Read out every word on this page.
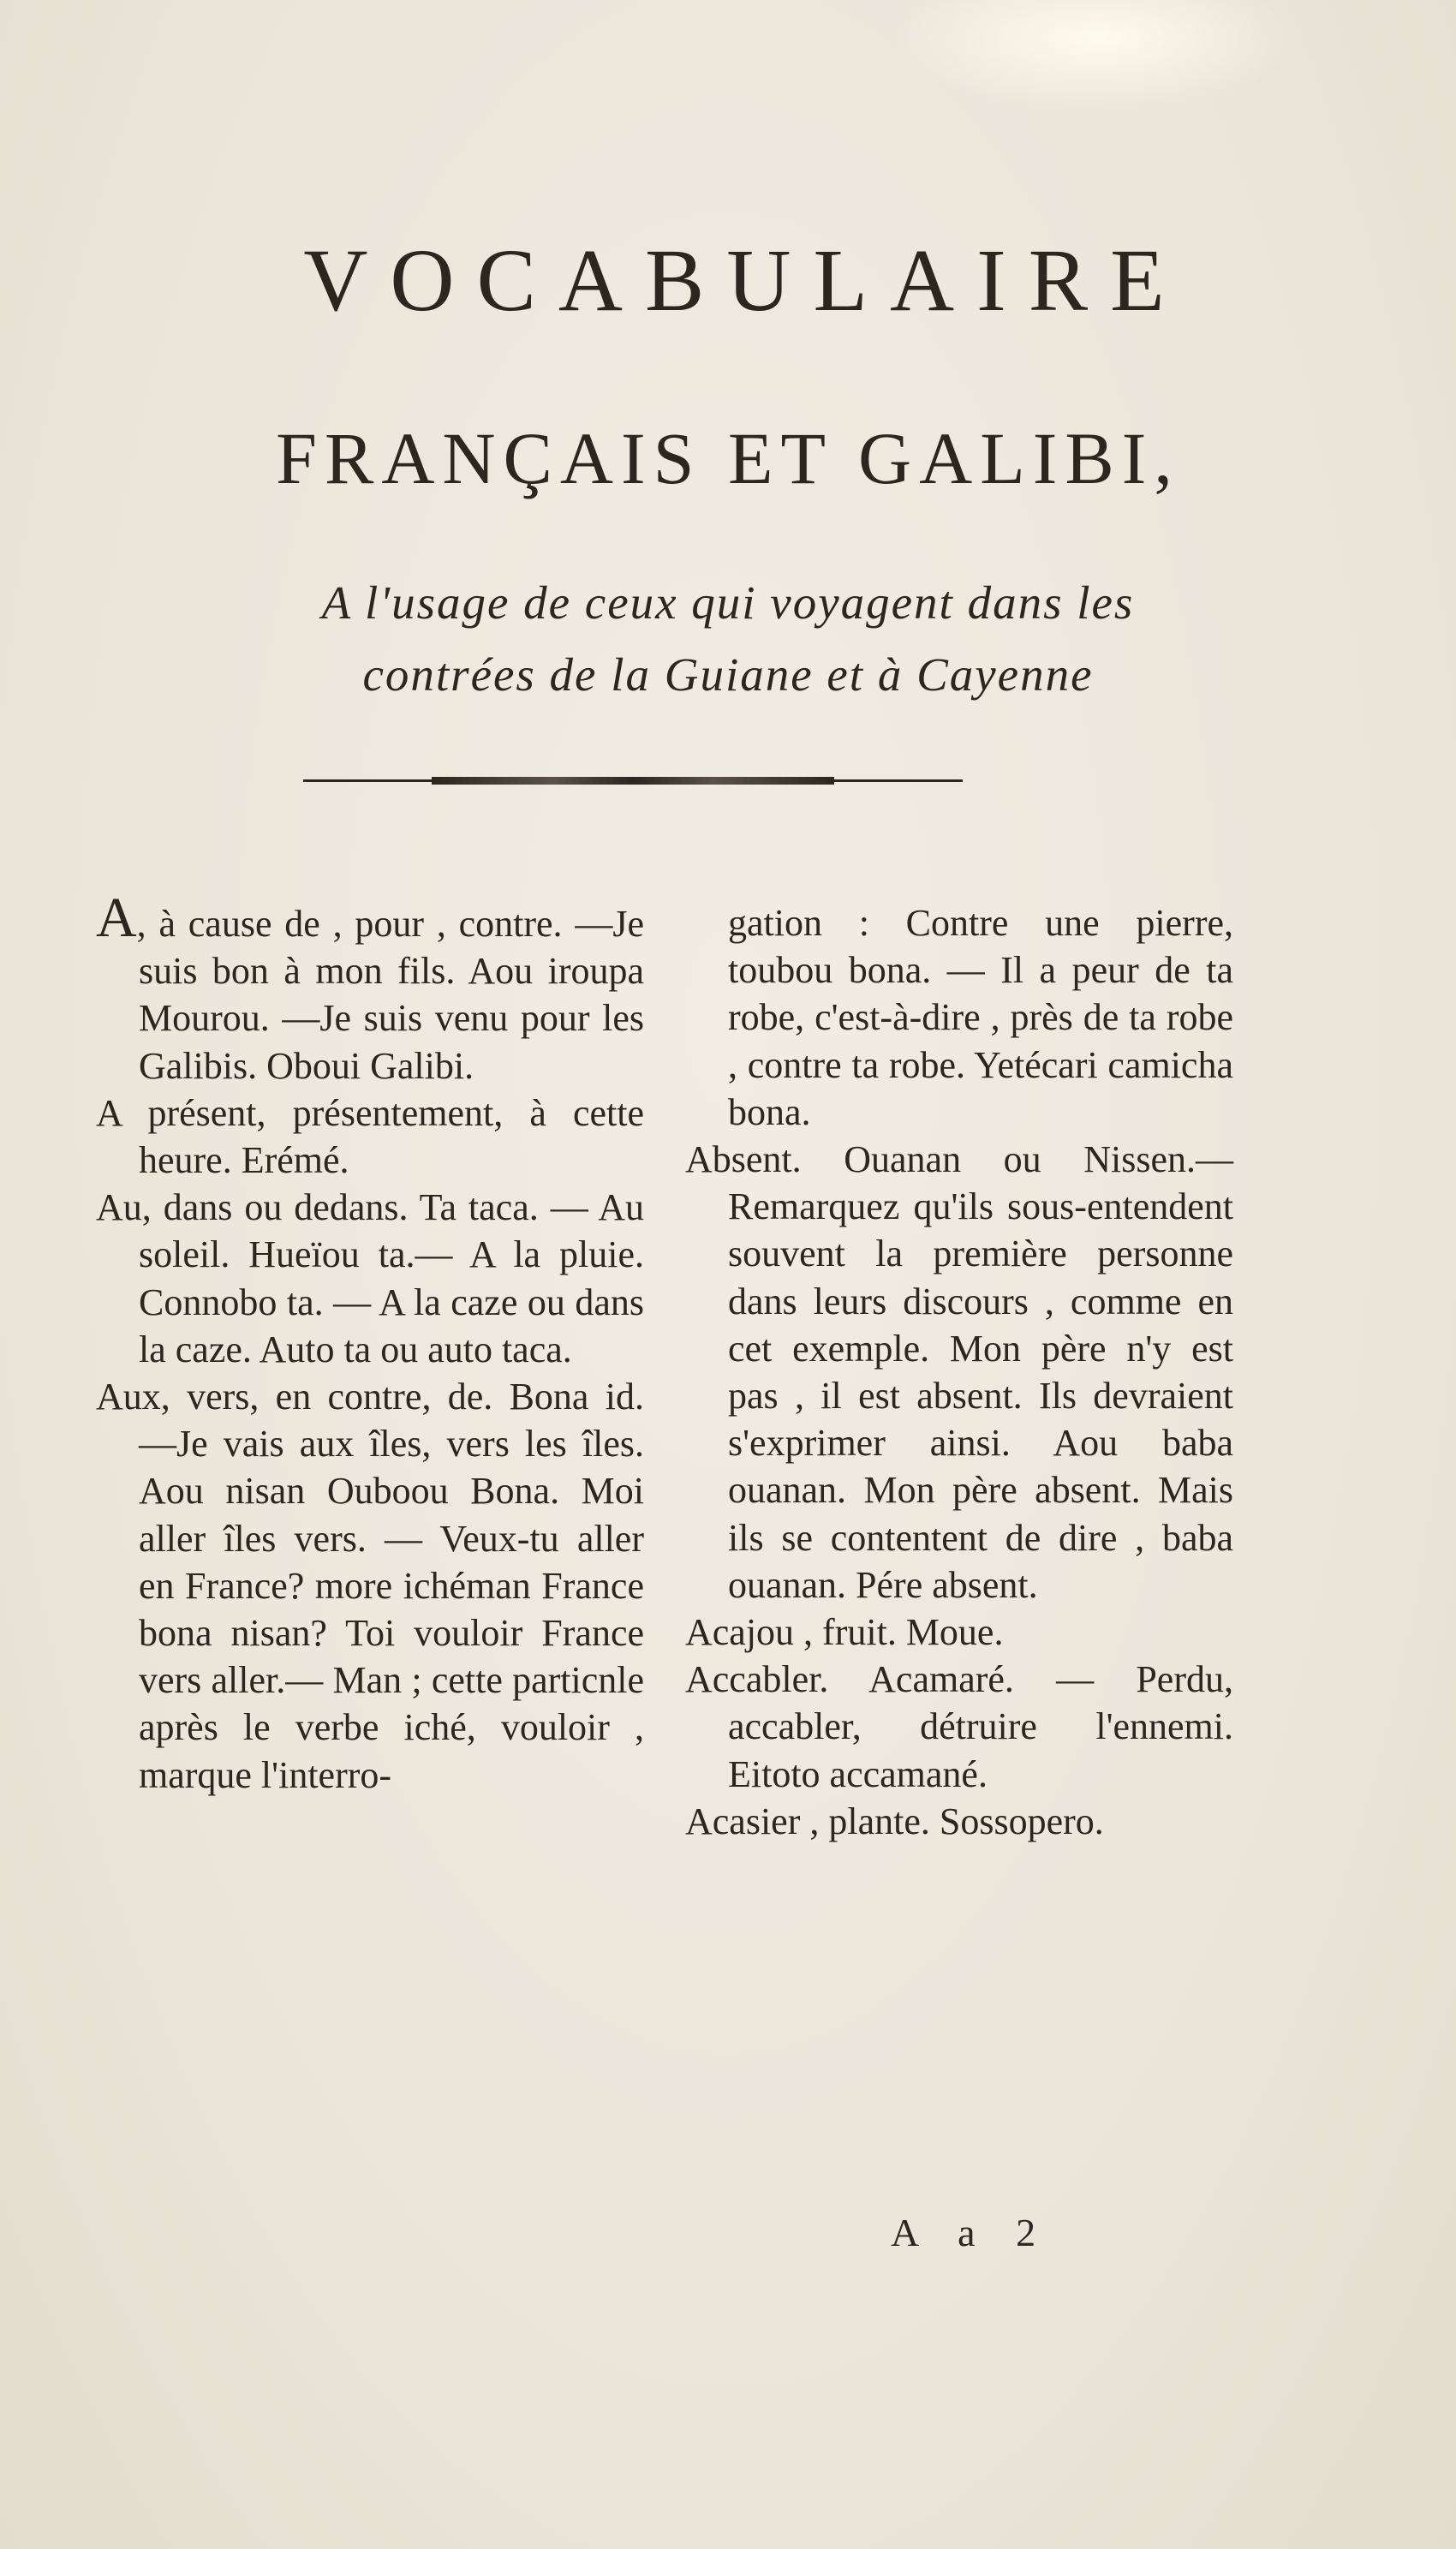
VOCABULAIRE
FRANÇAIS ET GALIBI,
A l'usage de ceux qui voyagent dans les
contrées de la Guiane et à Cayenne

A, à cause de , pour , contre. —Je suis bon à mon fils. Aou iroupa Mourou. —Je suis venu pour les Galibis. Oboui Galibi.

A présent, présentement, à cette heure. Erémé.

Au, dans ou dedans. Ta taca. — Au soleil. Hueïou ta.— A la pluie. Connobo ta. — A la caze ou dans la caze. Auto ta ou auto taca.

Aux, vers, en contre, de. Bona id. —Je vais aux îles, vers les îles. Aou nisan Ouboou Bona. Moi aller îles vers. — Veux-tu aller en France? more ichéman France bona nisan? Toi vouloir France vers aller.— Man ; cette particnle après le verbe iché, vouloir , marque l'interro-

gation : Contre une pierre, toubou bona. — Il a peur de ta robe, c'est-à-dire , près de ta robe , contre ta robe. Yetécari camicha bona.

Absent. Ouanan ou Nissen.— Remarquez qu'ils sous-entendent souvent la première personne dans leurs discours , comme en cet exemple. Mon père n'y est pas , il est absent. Ils devraient s'exprimer ainsi. Aou baba ouanan. Mon père absent. Mais ils se contentent de dire , baba ouanan. Pére absent.

Acajou , fruit. Moue.

Accabler. Acamaré. — Perdu, accabler, détruire l'ennemi. Eitoto accamané.

Acasier , plante. Sossopero.

A a 2
